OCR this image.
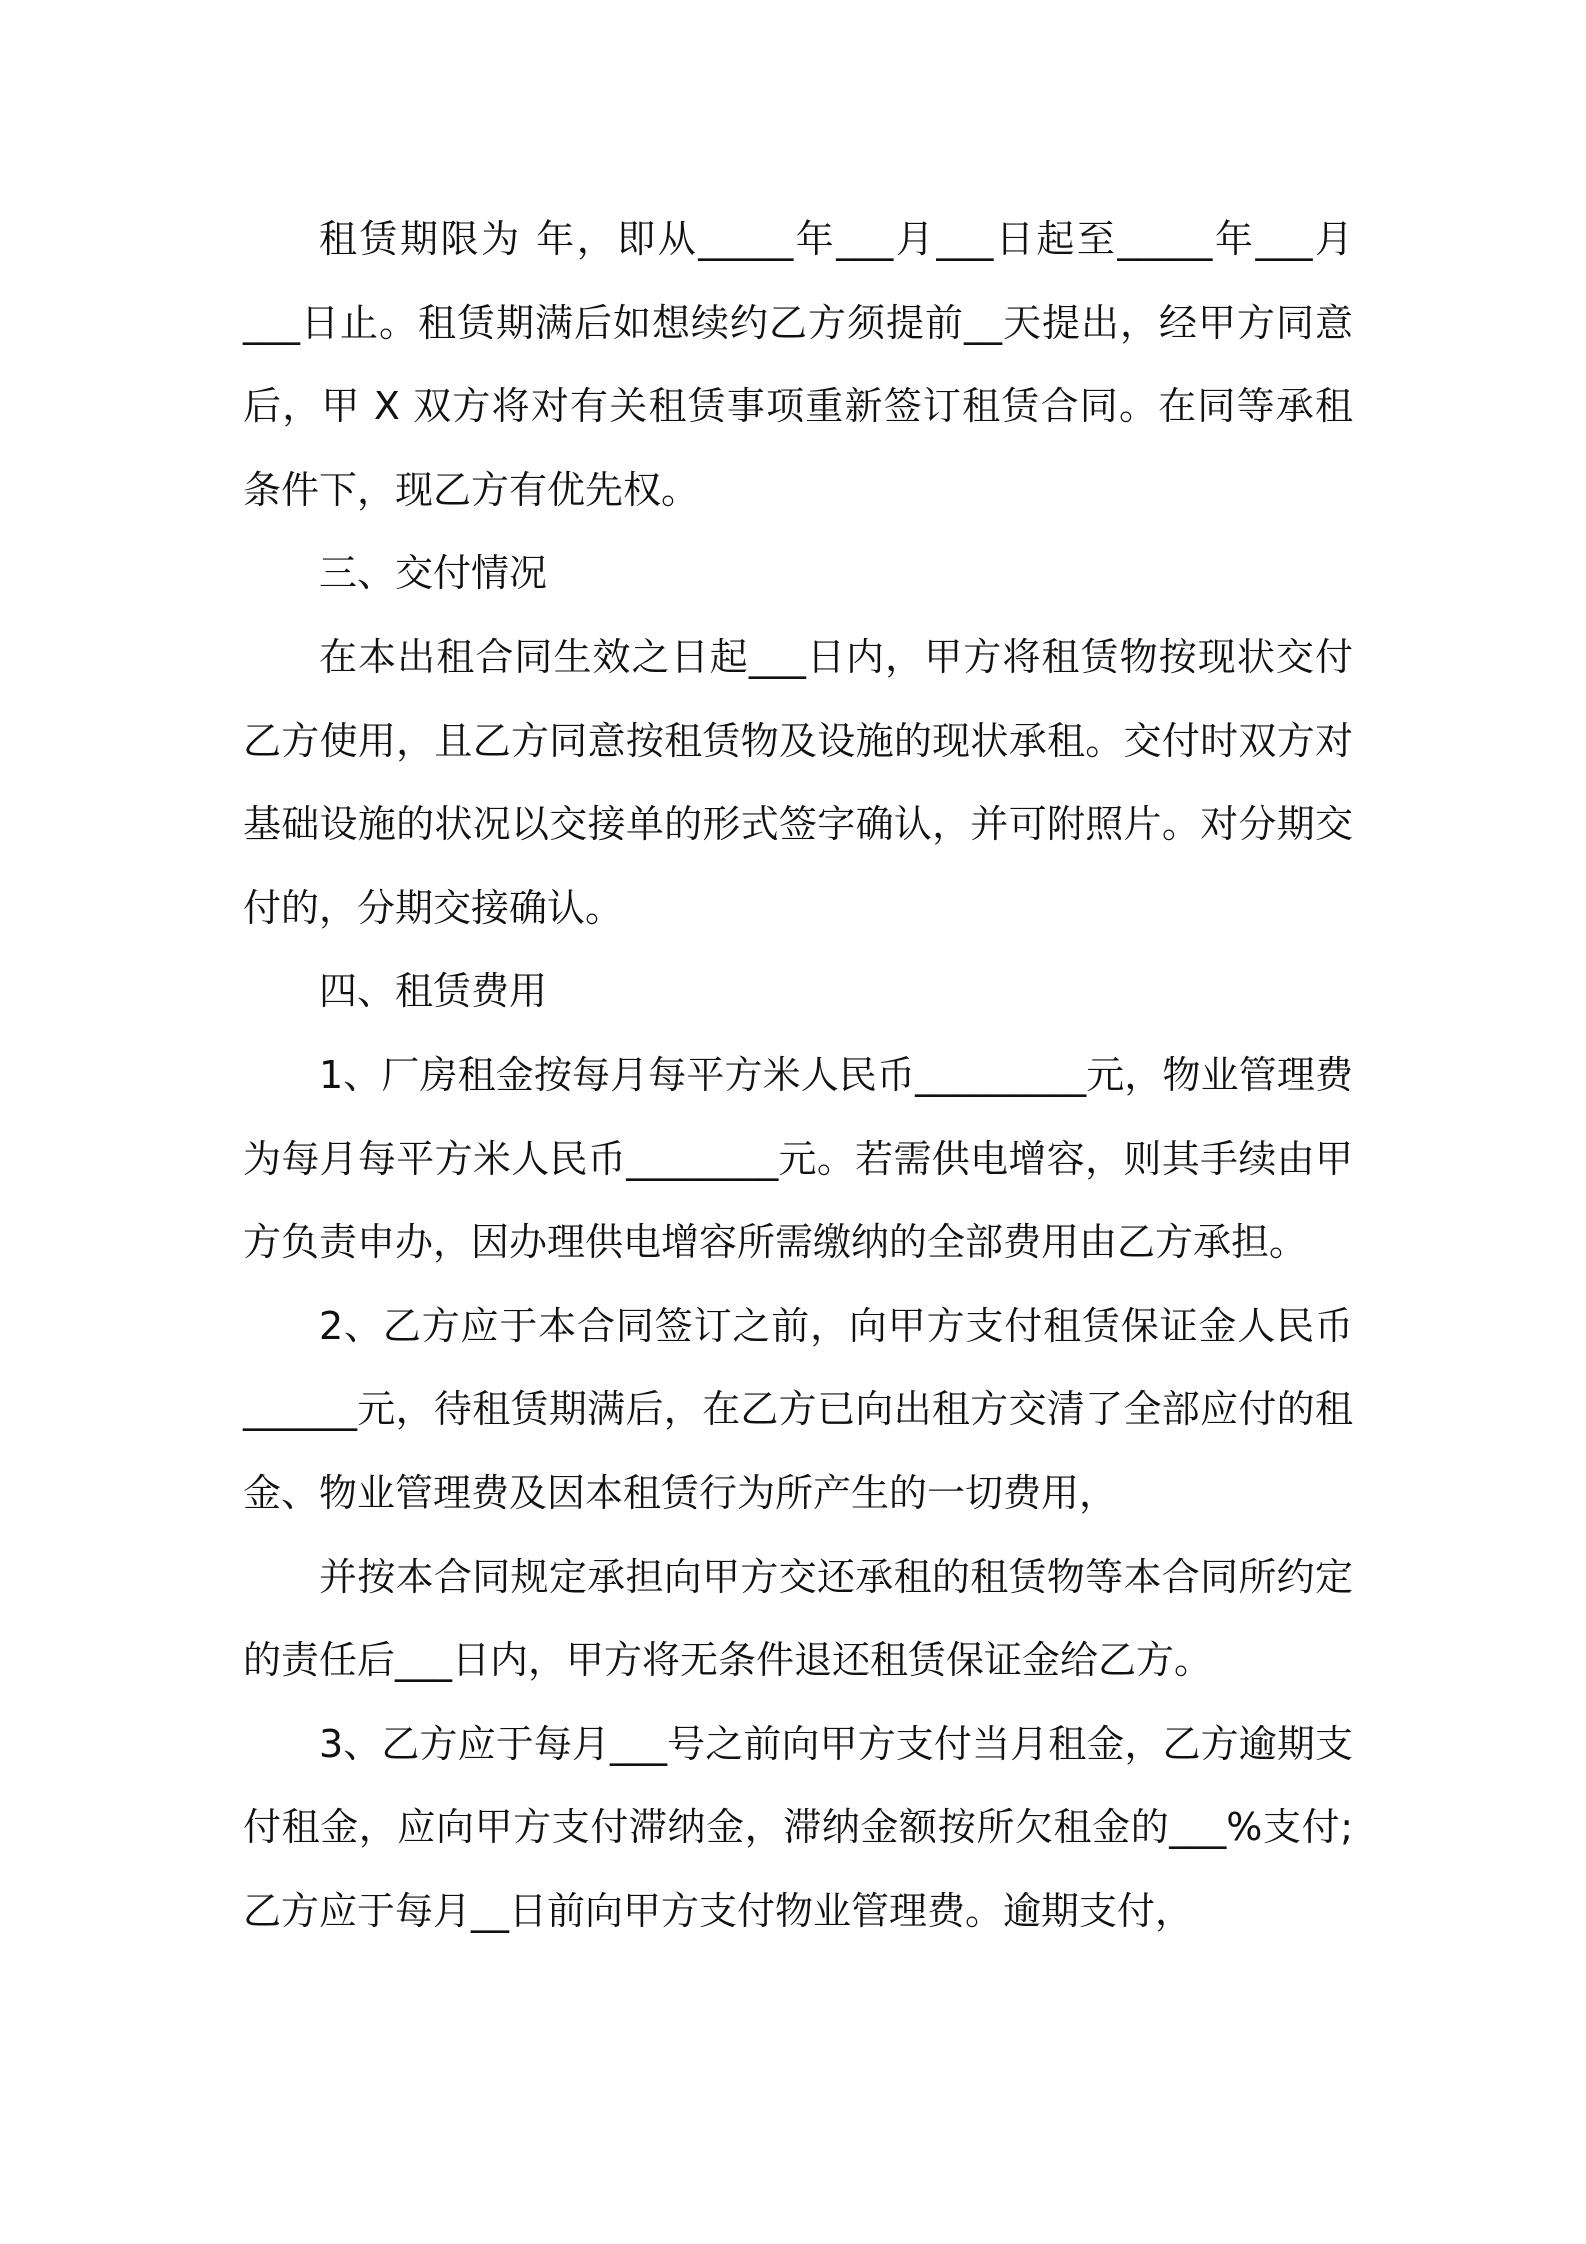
租赁期限为 年，即从_____年___月___日起至_____年___月___日止。租赁期满后如想续约乙方须提前__天提出，经甲方同意后，甲 X 双方将对有关租赁事项重新签订租赁合同。在同等承租条件下，现乙方有优先权。

三、交付情况

在本出租合同生效之日起___日内，甲方将租赁物按现状交付乙方使用，且乙方同意按租赁物及设施的现状承租。交付时双方对基础设施的状况以交接单的形式签字确认，并可附照片。对分期交付的，分期交接确认。

四、租赁费用

1、厂房租金按每月每平方米人民币_________元，物业管理费为每月每平方米人民币________元。若需供电增容，则其手续由甲方负责申办，因办理供电增容所需缴纳的全部费用由乙方承担。

2、乙方应于本合同签订之前，向甲方支付租赁保证金人民币______元，待租赁期满后，在乙方已向出租方交清了全部应付的租金、物业管理费及因本租赁行为所产生的一切费用，

并按本合同规定承担向甲方交还承租的租赁物等本合同所约定的责任后___日内，甲方将无条件退还租赁保证金给乙方。

3、乙方应于每月___号之前向甲方支付当月租金，乙方逾期支付租金，应向甲方支付滞纳金，滞纳金额按所欠租金的___%支付;乙方应于每月__日前向甲方支付物业管理费。逾期支付，
